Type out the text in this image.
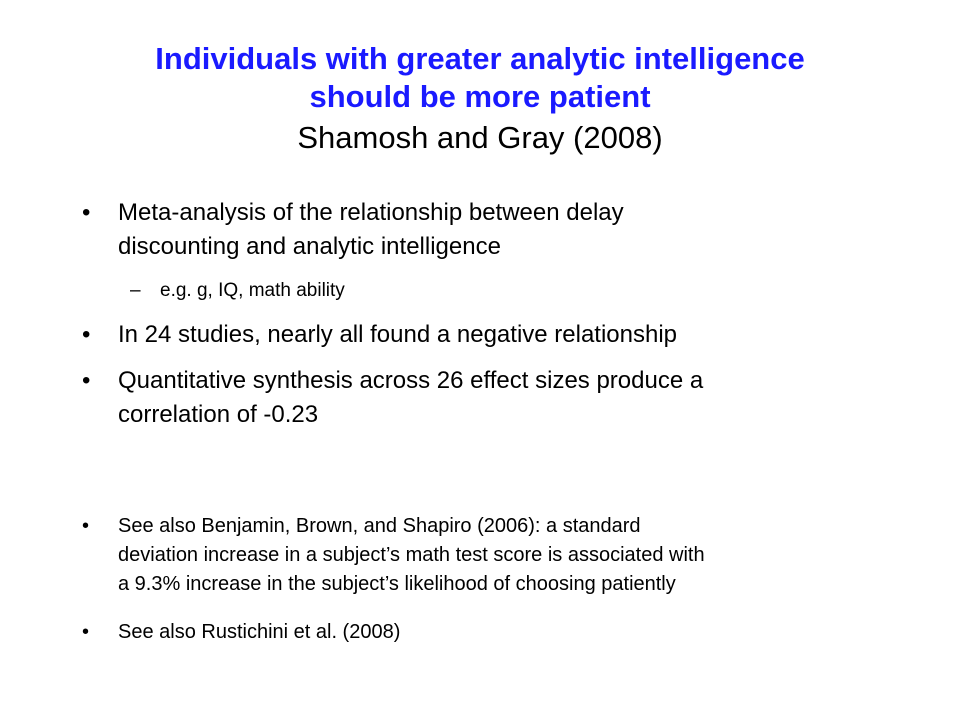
Individuals with greater analytic intelligence
should be more patient
Shamosh and Gray (2008)
• Meta-analysis of the relationship between delay
discounting and analytic intelligence
– e.g. g, IQ, math ability
• In 24 studies, nearly all found a negative relationship
• Quantitative synthesis across 26 effect sizes produce a
correlation of -0.23
• See also Benjamin, Brown, and Shapiro (2006): a standard
deviation increase in a subject’s math test score is associated with
a 9.3% increase in the subject’s likelihood of choosing patiently
• See also Rustichini et al. (2008)
